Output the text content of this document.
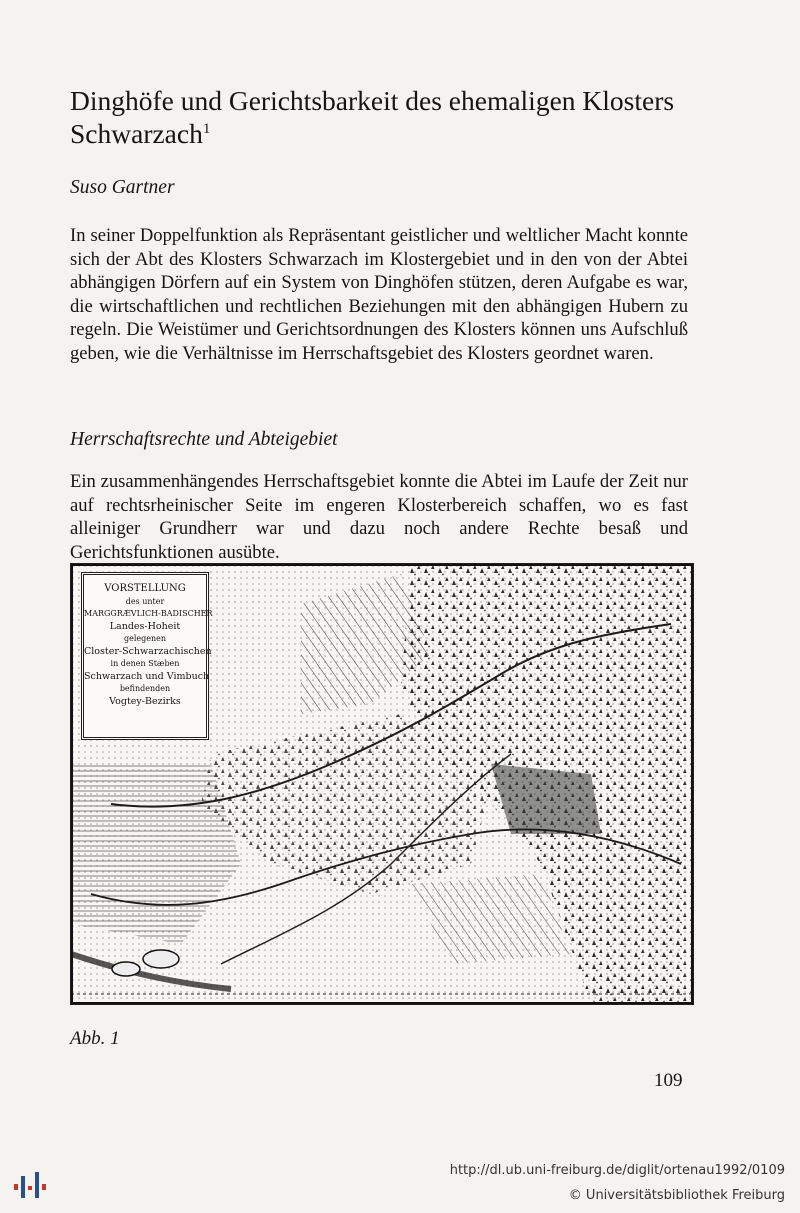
Dinghöfe und Gerichtsbarkeit des ehemaligen Klosters Schwarzach$^1$
Suso Gartner

In seiner Doppelfunktion als Repräsentant geistlicher und weltlicher Macht konnte sich der Abt des Klosters Schwarzach im Klostergebiet und in den von der Abtei abhängigen Dörfern auf ein System von Dinghöfen stützen, deren Aufgabe es war, die wirtschaftlichen und rechtlichen Beziehungen mit den abhängigen Hubern zu regeln. Die Weistümer und Gerichtsordnungen des Klosters können uns Aufschluß geben, wie die Verhältnisse im Herrschaftsgebiet des Klosters geordnet waren.

Herrschaftsrechte und Abteigebiet

Ein zusammenhängendes Herrschaftsgebiet konnte die Abtei im Laufe der Zeit nur auf rechtsrheinischer Seite im engeren Klosterbereich schaffen, wo es fast alleiniger Grundherr war und dazu noch andere Rechte besaß und Gerichtsfunktionen ausübte.

VORSTELLUNG
des unter
MARGGRÆVLICH-BADISCHER
Landes-Hoheit
gelegenen
Closter-Schwarzachischen
in denen Stæben
Schwarzach und Vimbuch
befindenden
Vogtey-Bezirks
Abb. 1
109
http://dl.ub.uni-freiburg.de/diglit/ortenau1992/0109
© Universitätsbibliothek Freiburg
